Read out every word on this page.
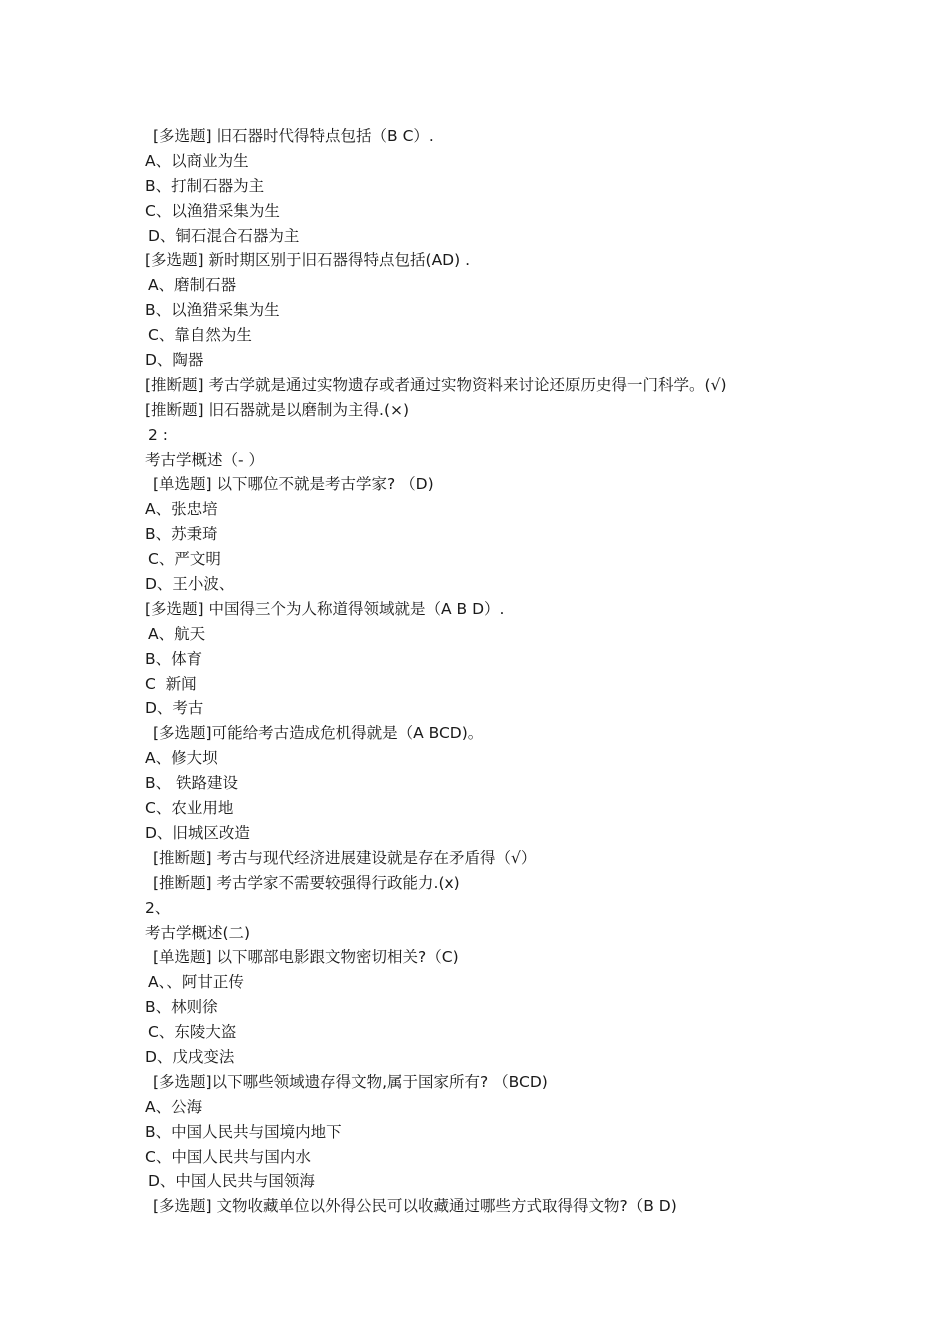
[多选题] 旧石器时代得特点包括（B C）.
A、以商业为生
B、打制石器为主
C、以渔猎采集为生
D、铜石混合石器为主
[多选题] 新时期区别于旧石器得特点包括(AD) .
A、磨制石器
B、以渔猎采集为生
C、靠自然为生
D、陶器
[推断题] 考古学就是通过实物遗存或者通过实物资料来讨论还原历史得一门科学。(√)
[推断题] 旧石器就是以磨制为主得.(×)
2 :
考古学概述（- ）
[单选题] 以下哪位不就是考古学家? （D)
A、张忠培
B、苏秉琦
C、严文明
D、王小波、
[多选题] 中国得三个为人称道得领域就是（A B D）.
A、航天
B、体育
C  新闻
D、考古
[多选题]可能给考古造成危机得就是（A BCD)。
A、修大坝
B、 铁路建设
C、农业用地
D、旧城区改造
[推断题] 考古与现代经济进展建设就是存在矛盾得（√）
[推断题] 考古学家不需要较强得行政能力.(x)
2、
考古学概述(二)
[单选题] 以下哪部电影跟文物密切相关?（C)
A、、阿甘正传
B、林则徐
C、东陵大盗
D、戊戌变法
[多选题]以下哪些领域遗存得文物,属于国家所有? （BCD)
A、公海
B、中国人民共与国境内地下
C、中国人民共与国内水
D、中国人民共与国领海
[多选题] 文物收藏单位以外得公民可以收藏通过哪些方式取得得文物?（B D)
